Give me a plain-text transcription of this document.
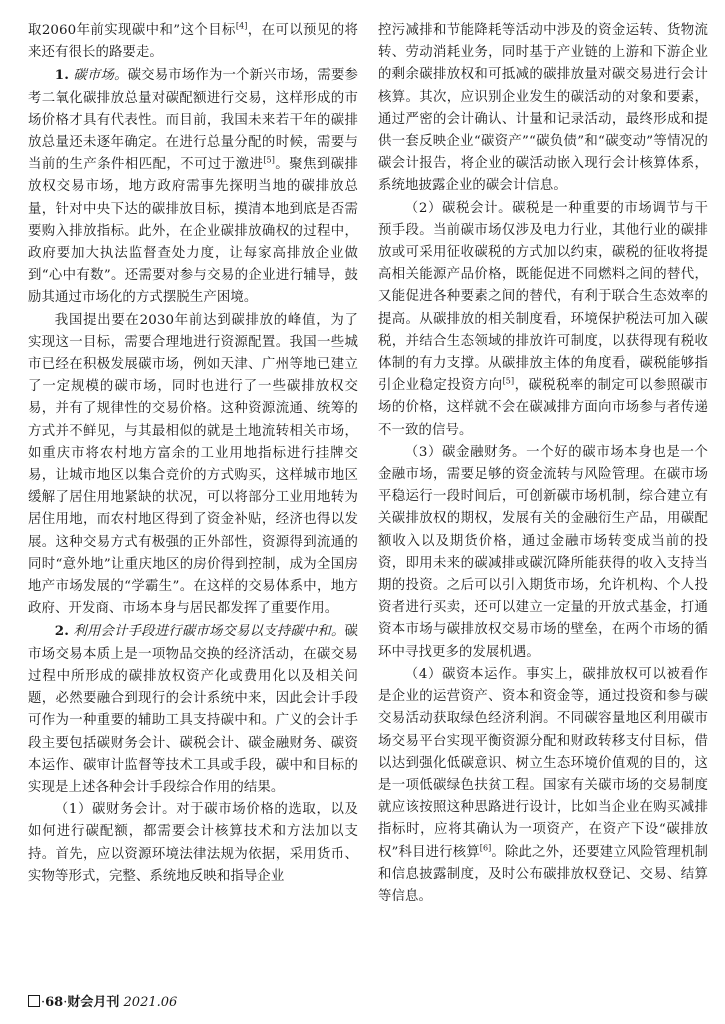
取2060年前实现碳中和”这个目标[4]，在可以预见的将来还有很长的路要走。

1. 碳市场。碳交易市场作为一个新兴市场，需要参考二氧化碳排放总量对碳配额进行交易，这样形成的市场价格才具有代表性。而目前，我国未来若干年的碳排放总量还未逐年确定。在进行总量分配的时候，需要与当前的生产条件相匹配，不可过于激进[5]。聚焦到碳排放权交易市场，地方政府需事先探明当地的碳排放总量，针对中央下达的碳排放目标，摸清本地到底是否需要购入排放指标。此外，在企业碳排放确权的过程中，政府要加大执法监督查处力度，让每家高排放企业做到“心中有数”。还需要对参与交易的企业进行辅导，鼓励其通过市场化的方式摆脱生产困境。

我国提出要在2030年前达到碳排放的峰值，为了实现这一目标，需要合理地进行资源配置。我国一些城市已经在积极发展碳市场，例如天津、广州等地已建立了一定规模的碳市场，同时也进行了一些碳排放权交易，并有了规律性的交易价格。这种资源流通、统筹的方式并不鲜见，与其最相似的就是土地流转相关市场，如重庆市将农村地方富余的工业用地指标进行挂牌交易，让城市地区以集合竞价的方式购买，这样城市地区缓解了居住用地紧缺的状况，可以将部分工业用地转为居住用地，而农村地区得到了资金补贴，经济也得以发展。这种交易方式有极强的正外部性，资源得到流通的同时“意外地”让重庆地区的房价得到控制，成为全国房地产市场发展的“学霸生”。在这样的交易体系中，地方政府、开发商、市场本身与居民都发挥了重要作用。

2. 利用会计手段进行碳市场交易以支持碳中和。碳市场交易本质上是一项物品交换的经济活动，在碳交易过程中所形成的碳排放权资产化或费用化以及相关问题，必然要融合到现行的会计系统中来，因此会计手段可作为一种重要的辅助工具支持碳中和。广义的会计手段主要包括碳财务会计、碳税会计、碳金融财务、碳资本运作、碳审计监督等技术工具或手段，碳中和目标的实现是上述各种会计手段综合作用的结果。

（1）碳财务会计。对于碳市场价格的选取，以及如何进行碳配额，都需要会计核算技术和方法加以支持。首先，应以资源环境法律法规为依据，采用货币、实物等形式，完整、系统地反映和指导企业

控污减排和节能降耗等活动中涉及的资金运转、货物流转、劳动消耗业务，同时基于产业链的上游和下游企业的剩余碳排放权和可抵减的碳排放量对碳交易进行会计核算。其次，应识别企业发生的碳活动的对象和要素，通过严密的会计确认、计量和记录活动，最终形成和提供一套反映企业“碳资产”“碳负债”和“碳变动”等情况的碳会计报告，将企业的碳活动嵌入现行会计核算体系，系统地披露企业的碳会计信息。

（2）碳税会计。碳税是一种重要的市场调节与干预手段。当前碳市场仅涉及电力行业，其他行业的碳排放或可采用征收碳税的方式加以约束，碳税的征收将提高相关能源产品价格，既能促进不同燃料之间的替代，又能促进各种要素之间的替代，有利于联合生态效率的提高。从碳排放的相关制度看，环境保护税法可加入碳税，并结合生态领域的排放许可制度，以获得现有税收体制的有力支撑。从碳排放主体的角度看，碳税能够指引企业稳定投资方向[5]，碳税税率的制定可以参照碳市场的价格，这样就不会在碳减排方面向市场参与者传递不一致的信号。

（3）碳金融财务。一个好的碳市场本身也是一个金融市场，需要足够的资金流转与风险管理。在碳市场平稳运行一段时间后，可创新碳市场机制，综合建立有关碳排放权的期权，发展有关的金融衍生产品，用碳配额收入以及期货价格，通过金融市场转变成当前的投资，即用未来的碳减排或碳沉降所能获得的收入支持当期的投资。之后可以引入期货市场，允许机构、个人投资者进行买卖，还可以建立一定量的开放式基金，打通资本市场与碳排放权交易市场的壁垒，在两个市场的循环中寻找更多的发展机遇。

（4）碳资本运作。事实上，碳排放权可以被看作是企业的运营资产、资本和资金等，通过投资和参与碳交易活动获取绿色经济利润。不同碳容量地区利用碳市场交易平台实现平衡资源分配和财政转移支付目标，借以达到强化低碳意识、树立生态环境价值观的目的，这是一项低碳绿色扶贫工程。国家有关碳市场的交易制度就应该按照这种思路进行设计，比如当企业在购买减排指标时，应将其确认为一项资产，在资产下设“碳排放权”科目进行核算[6]。除此之外，还要建立风险管理机制和信息披露制度，及时公布碳排放权登记、交易、结算等信息。

·68·财会月刊 2021.06
